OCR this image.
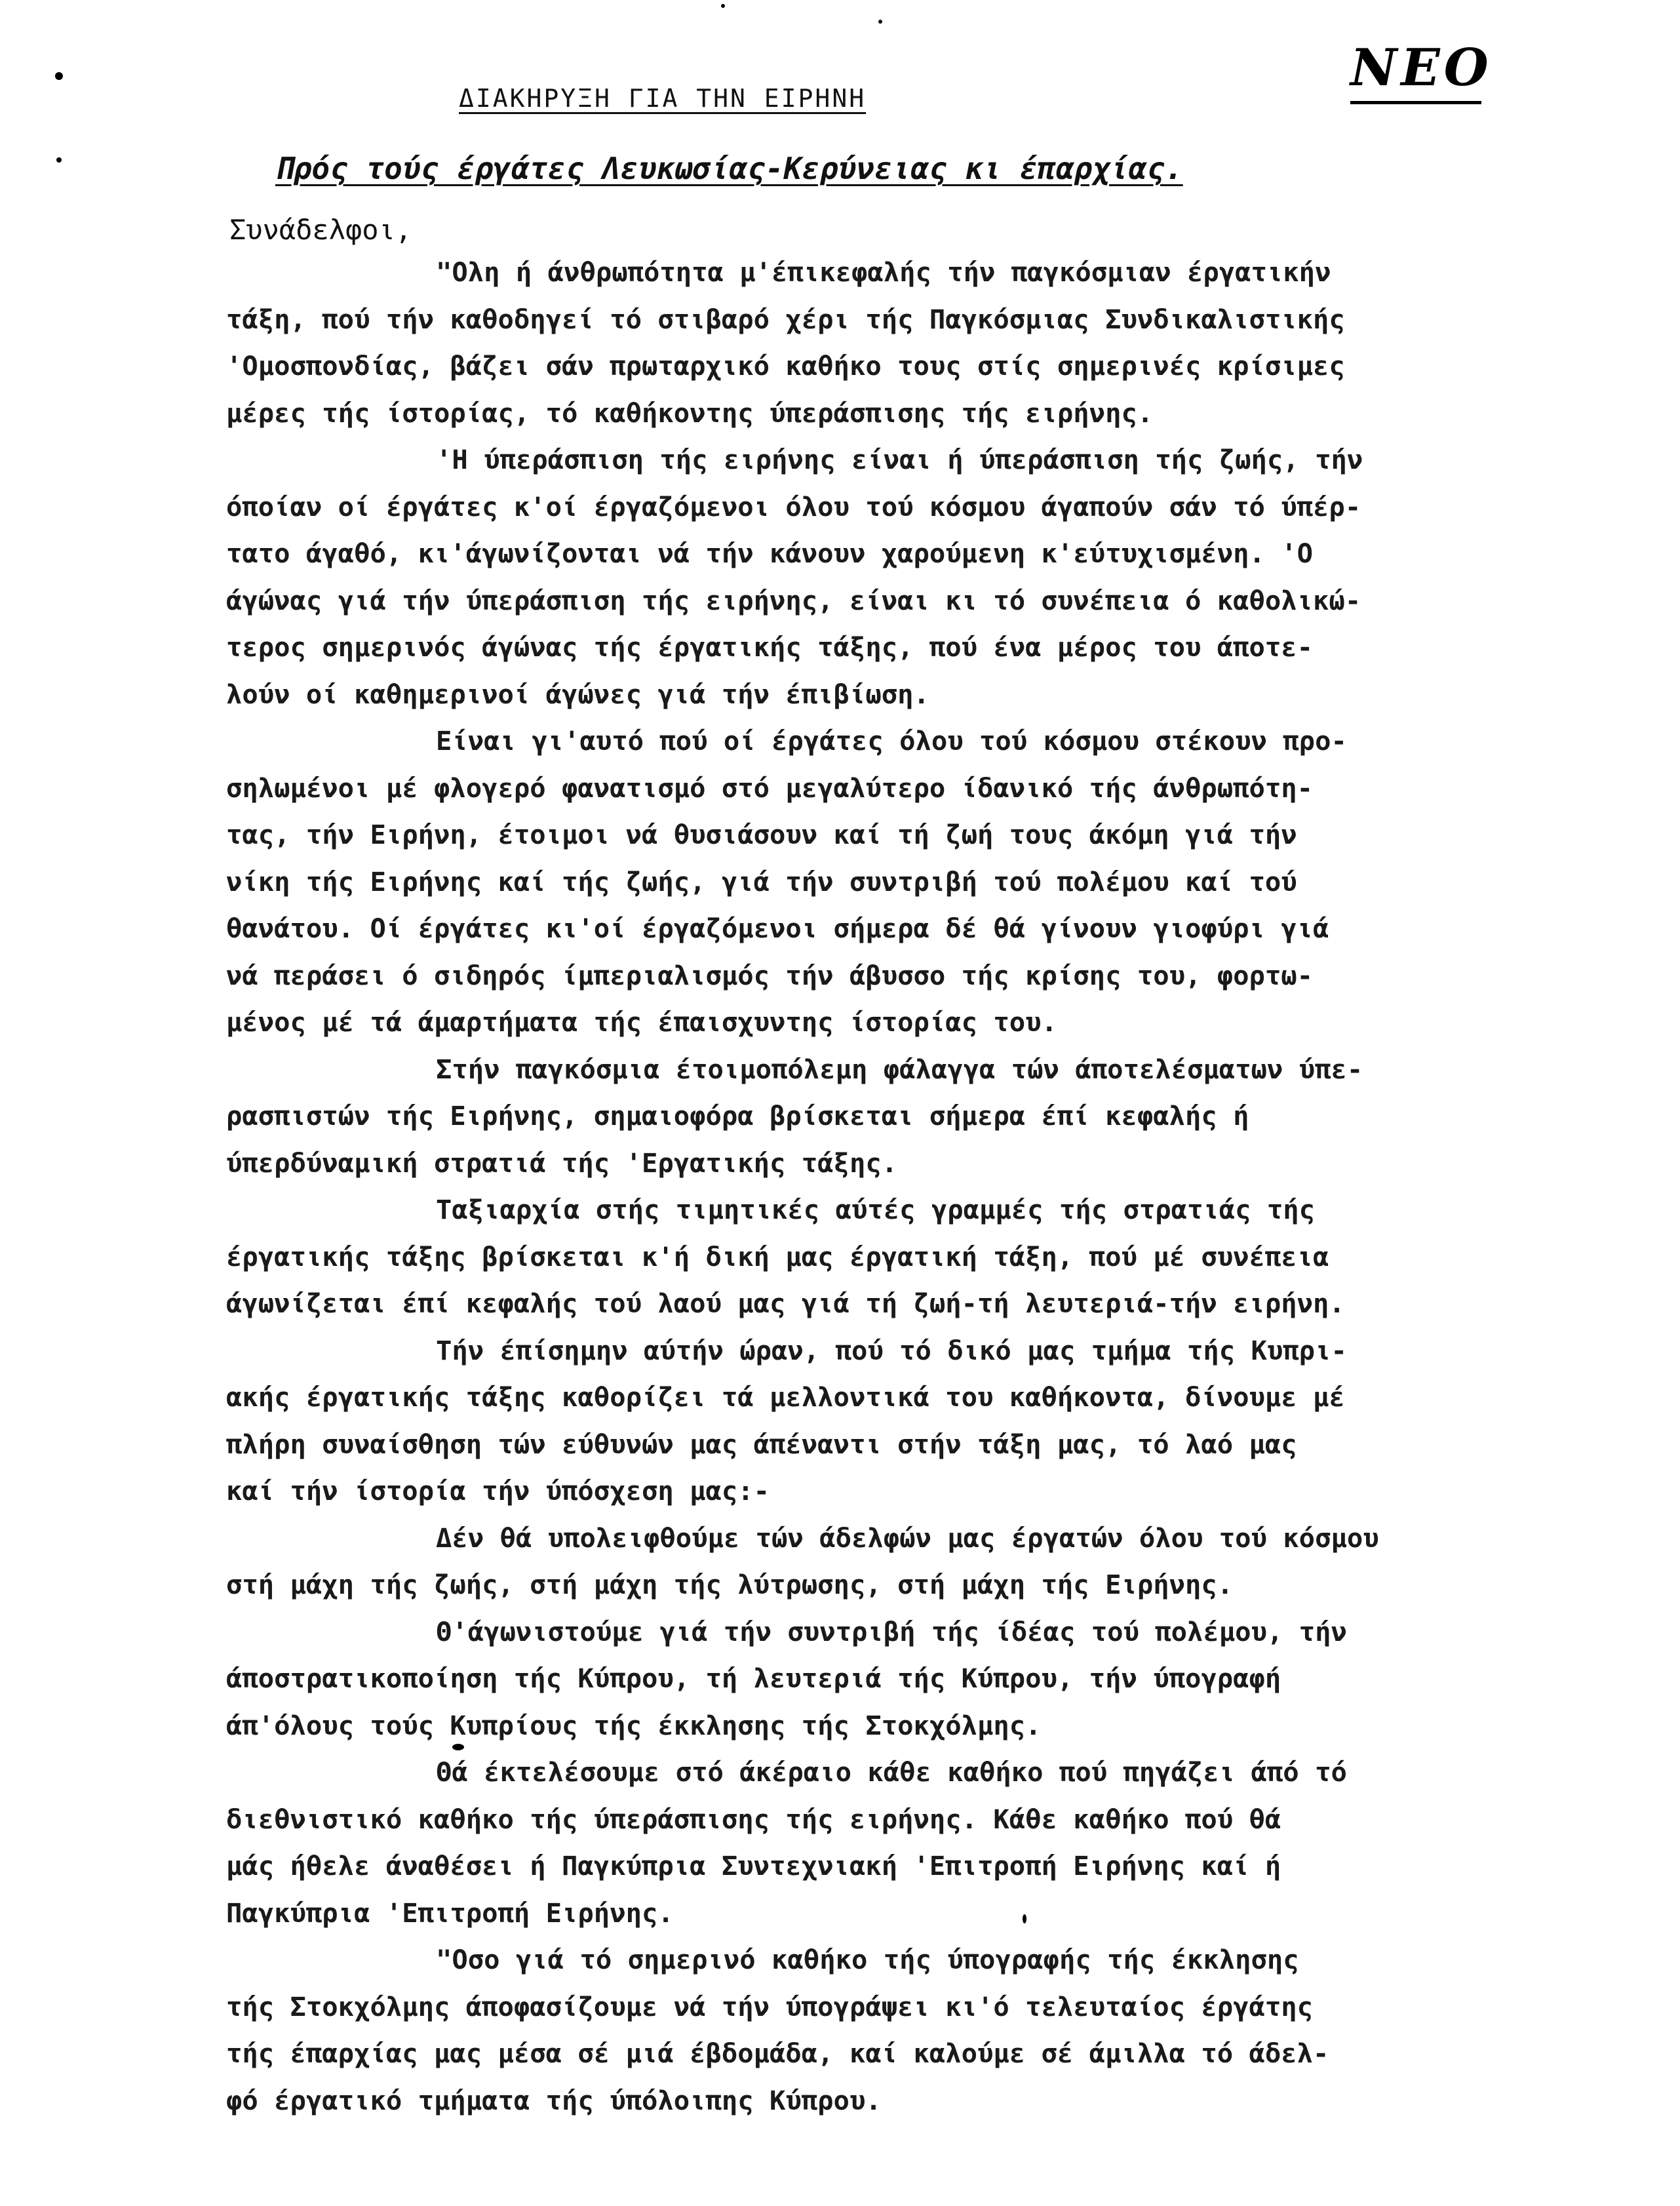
ΝΕΟ
ΔΙΑΚΗΡΥΞΗ ΓΙΑ ΤΗΝ ΕΙΡΗΝΗ
Πρός τούς έργάτες Λευκωσίας-Κερύνειας κι έπαρχίας.
Συνάδελφοι,
"Ολη ή άνθρωπότητα μ'έπικεφαλής τήν παγκόσμιαν έργατικήν
τάξη, πού τήν καθοδηγεί τό στιβαρό χέρι τής Παγκόσμιας Συνδικαλιστικής
'Ομοσπονδίας, βάζει σάν πρωταρχικό καθήκο τους στίς σημερινές κρίσιμες
μέρες τής ίστορίας, τό καθήκοντης ύπεράσπισης τής ειρήνης.
'Η ύπεράσπιση τής ειρήνης είναι ή ύπεράσπιση τής ζωής, τήν
όποίαν οί έργάτες κ'οί έργαζόμενοι όλου τού κόσμου άγαπούν σάν τό ύπέρ-
τατο άγαθό, κι'άγωνίζονται νά τήν κάνουν χαρούμενη κ'εύτυχισμένη. 'Ο
άγώνας γιά τήν ύπεράσπιση τής ειρήνης, είναι κι τό συνέπεια ό καθολικώ-
τερος σημερινός άγώνας τής έργατικής τάξης, πού ένα μέρος του άποτε-
λούν οί καθημερινοί άγώνες γιά τήν έπιβίωση.
Είναι γι'αυτό πού οί έργάτες όλου τού κόσμου στέκουν προ-
σηλωμένοι μέ φλογερό φανατισμό στό μεγαλύτερο ίδανικό τής άνθρωπότη-
τας, τήν Ειρήνη, έτοιμοι νά θυσιάσουν καί τή ζωή τους άκόμη γιά τήν
νίκη τής Ειρήνης καί τής ζωής, γιά τήν συντριβή τού πολέμου καί τού
θανάτου. Οί έργάτες κι'οί έργαζόμενοι σήμερα δέ θά γίνουν γιοφύρι γιά
νά περάσει ό σιδηρός ίμπεριαλισμός τήν άβυσσο τής κρίσης του, φορτω-
μένος μέ τά άμαρτήματα τής έπαισχυντης ίστορίας του.
Στήν παγκόσμια έτοιμοπόλεμη φάλαγγα τών άποτελέσματων ύπε-
ρασπιστών τής Ειρήνης, σημαιοφόρα βρίσκεται σήμερα έπί κεφαλής ή
ύπερδύναμική στρατιά τής 'Εργατικής τάξης.
Ταξιαρχία στής τιμητικές αύτές γραμμές τής στρατιάς τής
έργατικής τάξης βρίσκεται κ'ή δική μας έργατική τάξη, πού μέ συνέπεια
άγωνίζεται έπί κεφαλής τού λαού μας γιά τή ζωή-τή λευτεριά-τήν ειρήνη.
Τήν έπίσημην αύτήν ώραν, πού τό δικό μας τμήμα τής Κυπρι-
ακής έργατικής τάξης καθορίζει τά μελλοντικά του καθήκοντα, δίνουμε μέ
πλήρη συναίσθηση τών εύθυνών μας άπέναντι στήν τάξη μας, τό λαό μας
καί τήν ίστορία τήν ύπόσχεση μας:-
Δέν θά υπολειφθούμε τών άδελφών μας έργατών όλου τού κόσμου
στή μάχη τής ζωής, στή μάχη τής λύτρωσης, στή μάχη τής Ειρήνης.
Θ'άγωνιστούμε γιά τήν συντριβή τής ίδέας τού πολέμου, τήν
άποστρατικοποίηση τής Κύπρου, τή λευτεριά τής Κύπρου, τήν ύπογραφή
άπ'όλους τούς Κυπρίους τής έκκλησης τής Στοκχόλμης.
Θά έκτελέσουμε στό άκέραιο κάθε καθήκο πού πηγάζει άπό τό
διεθνιστικό καθήκο τής ύπεράσπισης τής ειρήνης. Κάθε καθήκο πού θά
μάς ήθελε άναθέσει ή Παγκύπρια Συντεχνιακή 'Επιτροπή Ειρήνης καί ή
Παγκύπρια 'Επιτροπή Ειρήνης.
"Οσο γιά τό σημερινό καθήκο τής ύπογραφής τής έκκλησης
τής Στοκχόλμης άποφασίζουμε νά τήν ύπογράψει κι'ό τελευταίος έργάτης
τής έπαρχίας μας μέσα σέ μιά έβδομάδα, καί καλούμε σέ άμιλλα τό άδελ-
φό έργατικό τμήματα τής ύπόλοιπης Κύπρου.
